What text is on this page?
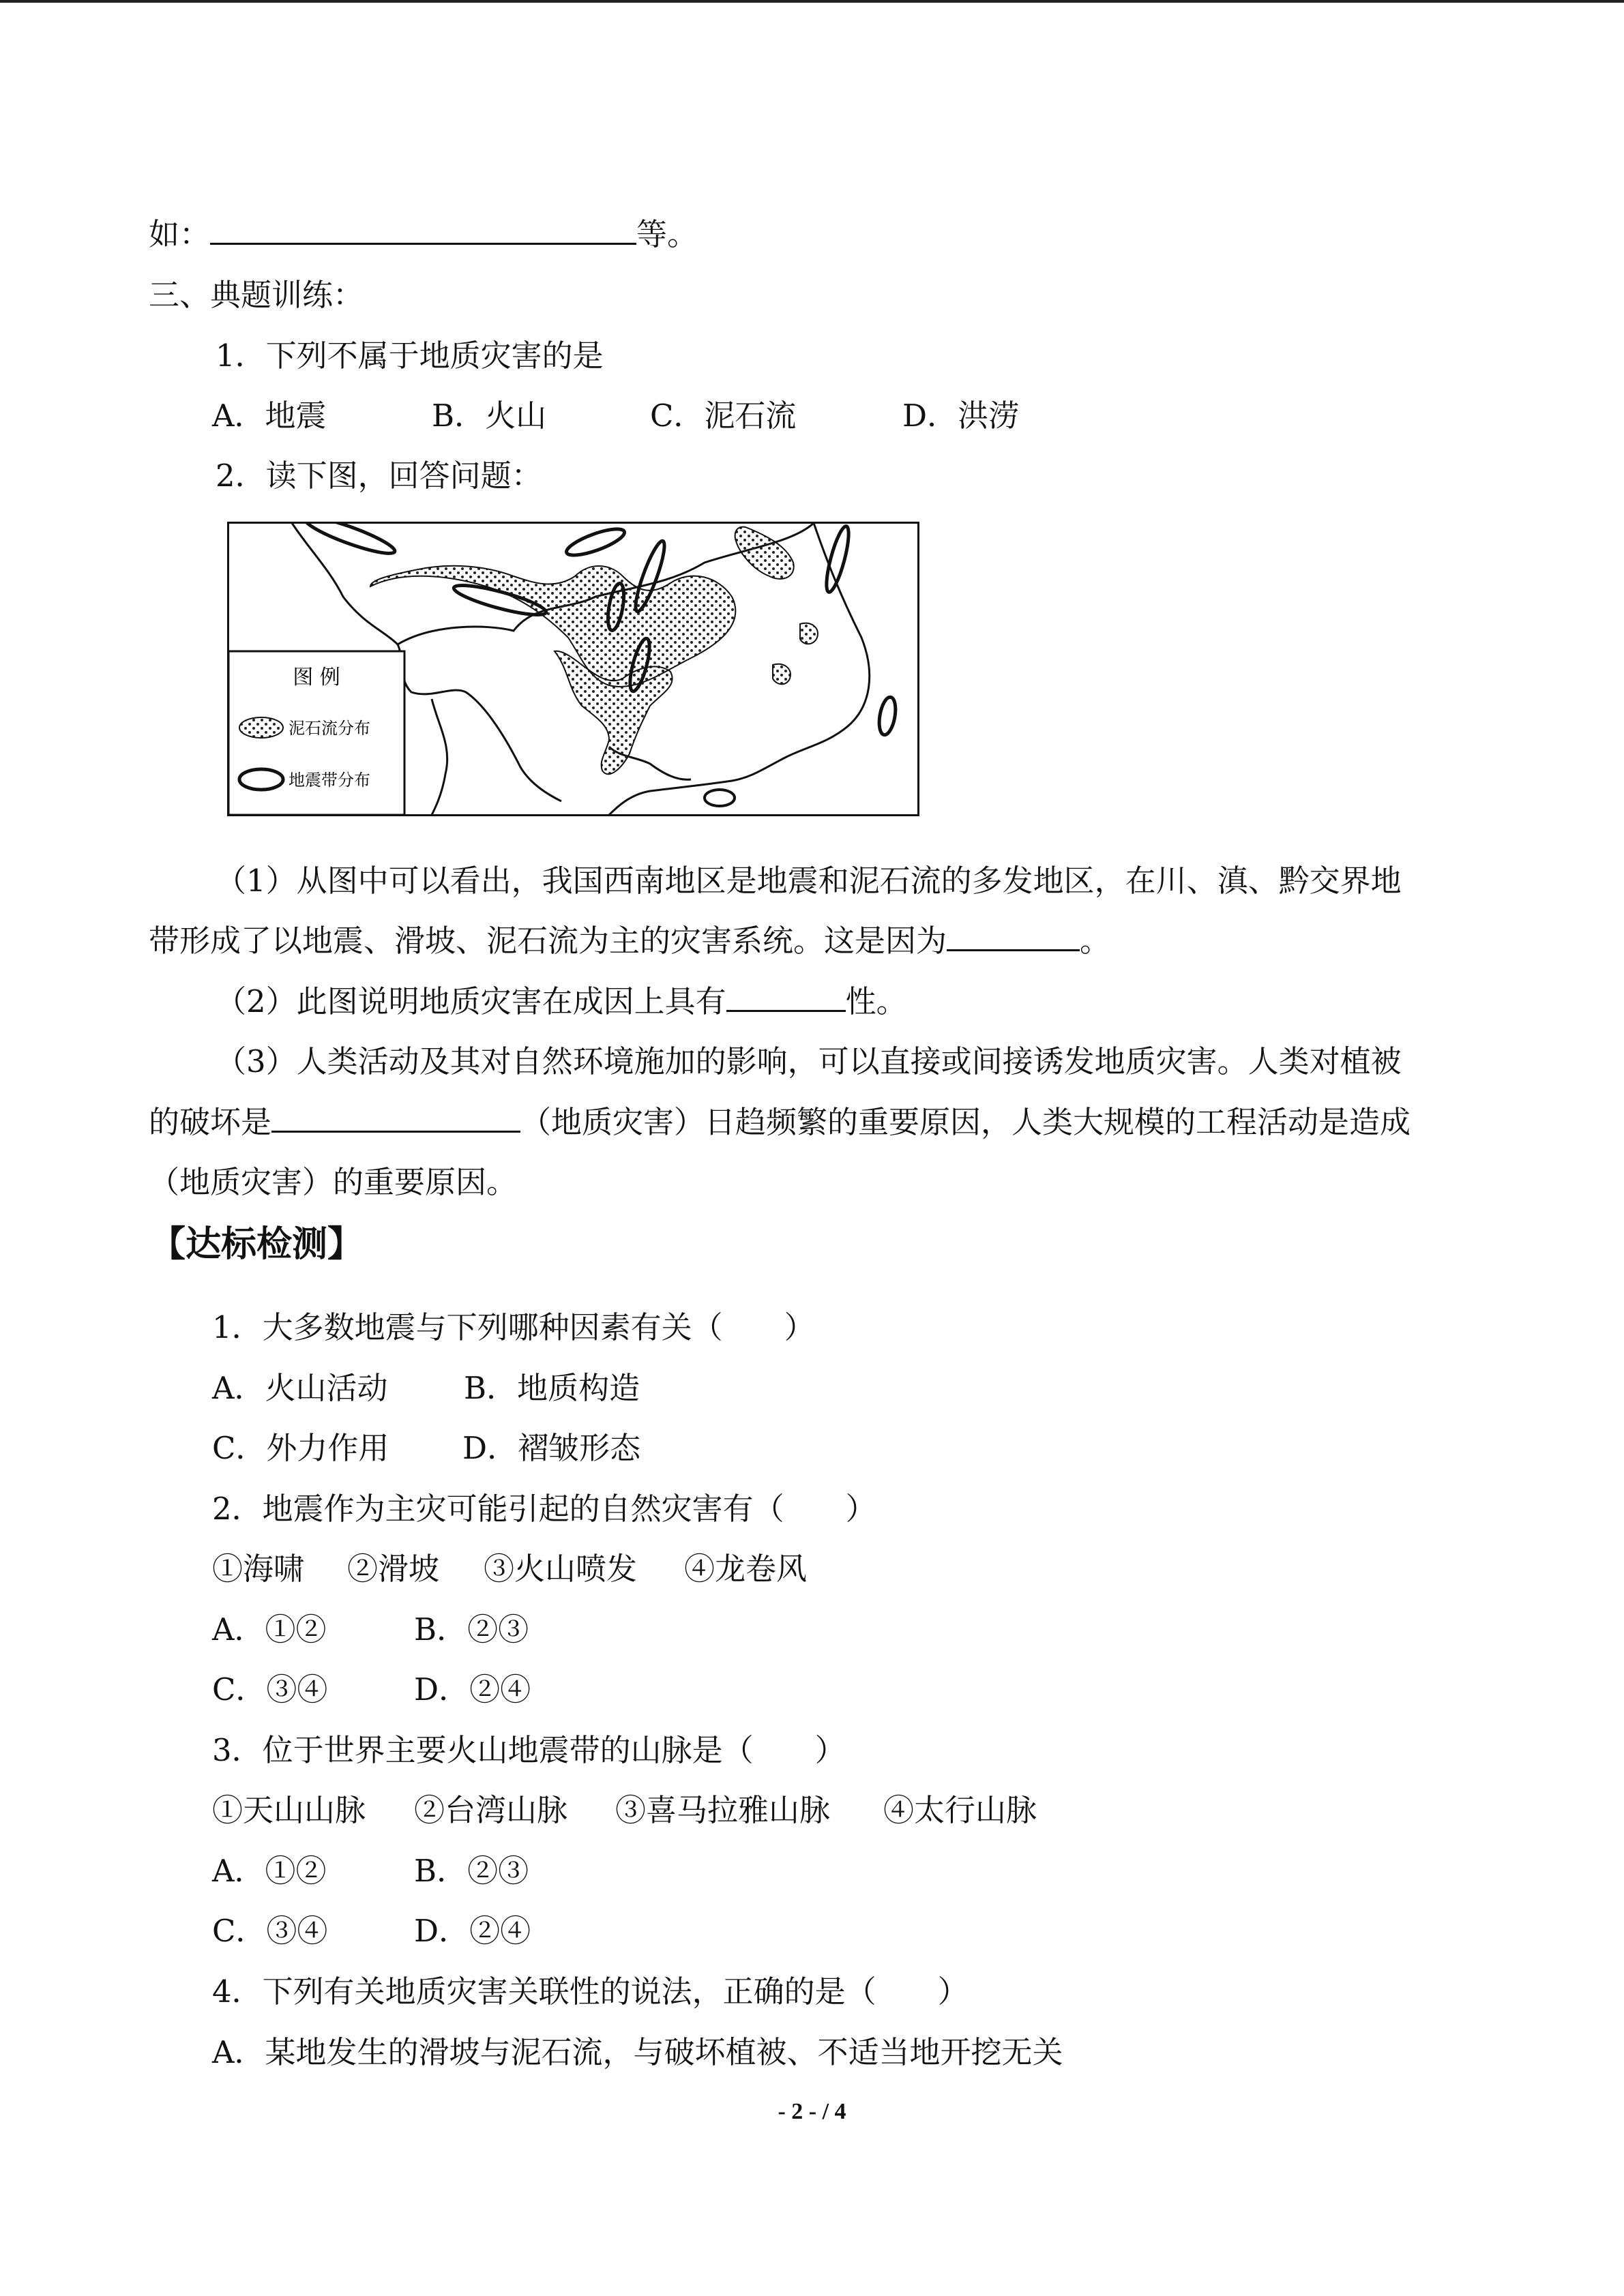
如：	等。
三、典题训练：
1．下列不属于地质灾害的是
A．地震	B．火山	C．泥石流	D．洪涝
2．读下图，回答问题：
图 例
泥石流分布
地震带分布
（1）从图中可以看出，我国西南地区是地震和泥石流的多发地区，在川、滇、黔交界地
带形成了以地震、滑坡、泥石流为主的灾害系统。这是因为	。
（2）此图说明地质灾害在成因上具有	性。
（3）人类活动及其对自然环境施加的影响，可以直接或间接诱发地质灾害。人类对植被
的破坏是	（地质灾害）日趋频繁的重要原因，人类大规模的工程活动是造成
（地质灾害）的重要原因。
【达标检测】
1．大多数地震与下列哪种因素有关（　　）
A．火山活动 B．地质构造
C．外力作用 D．褶皱形态
2．地震作为主灾可能引起的自然灾害有（　　）
①海啸 ②滑坡 ③火山喷发 ④龙卷风
A．①②	B．②③
C．③④	D．②④
3．位于世界主要火山地震带的山脉是（　　）
①天山山脉 ②台湾山脉 ③喜马拉雅山脉 ④太行山脉
A．①②	B．②③
C．③④	D．②④
4．下列有关地质灾害关联性的说法，正确的是（　　）
A．某地发生的滑坡与泥石流，与破坏植被、不适当地开挖无关
- 2 - / 4
